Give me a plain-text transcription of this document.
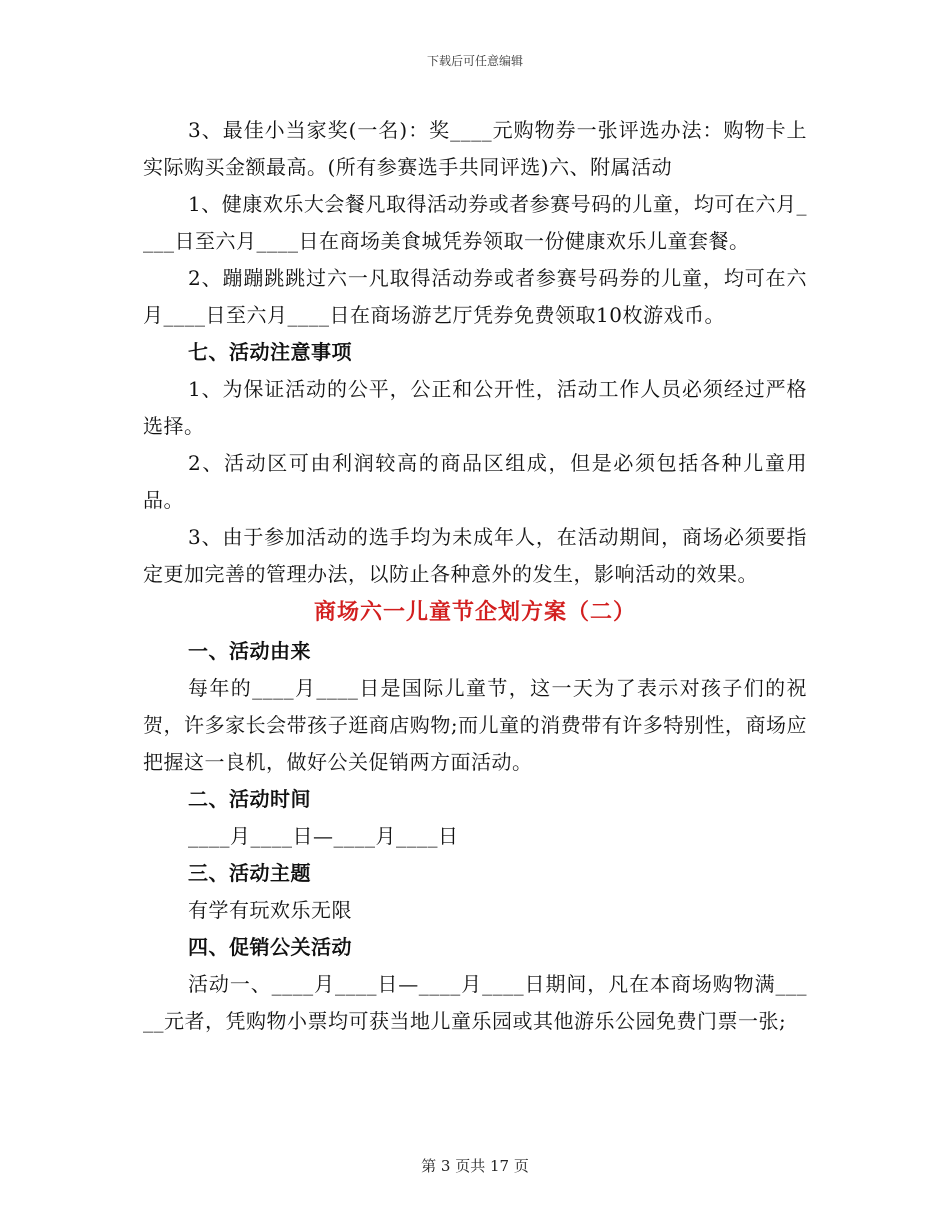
下载后可任意编辑

3、最佳小当家奖(一名)：奖____元购物券一张评选办法：购物卡上实际购买金额最高。(所有参赛选手共同评选)六、附属活动

1、健康欢乐大会餐凡取得活动券或者参赛号码的儿童，均可在六月____日至六月____日在商场美食城凭券领取一份健康欢乐儿童套餐。

2、蹦蹦跳跳过六一凡取得活动券或者参赛号码券的儿童，均可在六月____日至六月____日在商场游艺厅凭券免费领取10枚游戏币。

七、活动注意事项

1、为保证活动的公平，公正和公开性，活动工作人员必须经过严格选择。

2、活动区可由利润较高的商品区组成，但是必须包括各种儿童用品。

3、由于参加活动的选手均为未成年人，在活动期间，商场必须要指定更加完善的管理办法，以防止各种意外的发生，影响活动的效果。

商场六一儿童节企划方案（二）

一、活动由来

每年的____月____日是国际儿童节，这一天为了表示对孩子们的祝贺，许多家长会带孩子逛商店购物;而儿童的消费带有许多特别性，商场应把握这一良机，做好公关促销两方面活动。

二、活动时间

____月____日—____月____日

三、活动主题

有学有玩欢乐无限

四、促销公关活动

活动一、____月____日—____月____日期间，凡在本商场购物满_____元者，凭购物小票均可获当地儿童乐园或其他游乐公园免费门票一张;

第 3 页共 17 页
